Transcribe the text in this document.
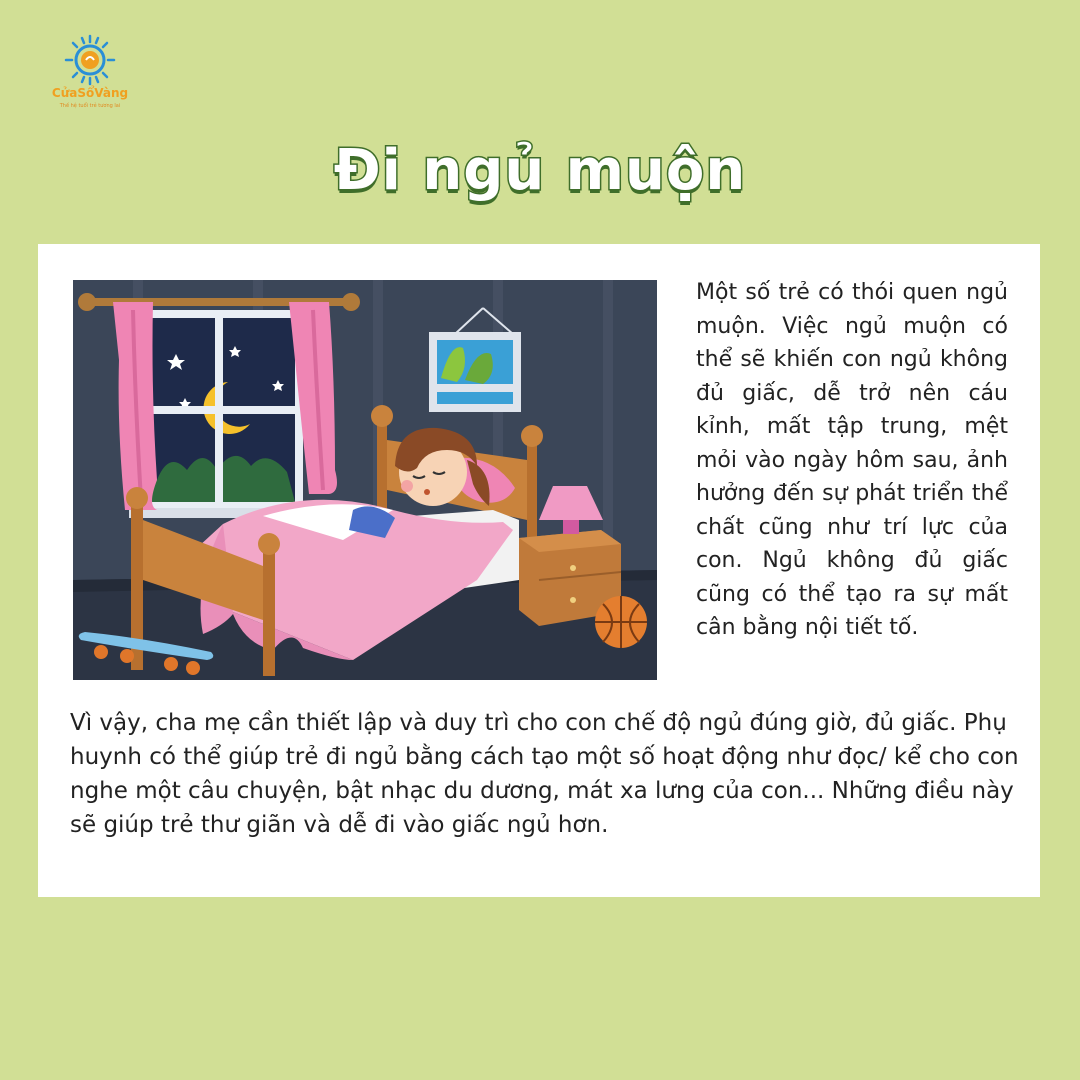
CửaSổVàng
Thế hệ tuổi trẻ tương lai
Đi ngủ muộn
Một số trẻ có thói quen ngủ muộn. Việc ngủ muộn có thể sẽ khiến con ngủ không đủ giấc, dễ trở nên cáu kỉnh, mất tập trung, mệt mỏi vào ngày hôm sau, ảnh hưởng đến sự phát triển thể chất cũng như trí lực của con. Ngủ không đủ giấc cũng có thể tạo ra sự mất cân bằng nội tiết tố.
Vì vậy, cha mẹ cần thiết lập và duy trì cho con chế độ ngủ đúng giờ, đủ giấc. Phụ huynh có thể giúp trẻ đi ngủ bằng cách tạo một số hoạt động như đọc/ kể cho con nghe một câu chuyện, bật nhạc du dương, mát xa lưng của con... Những điều này sẽ giúp trẻ thư giãn và dễ đi vào giấc ngủ hơn.
